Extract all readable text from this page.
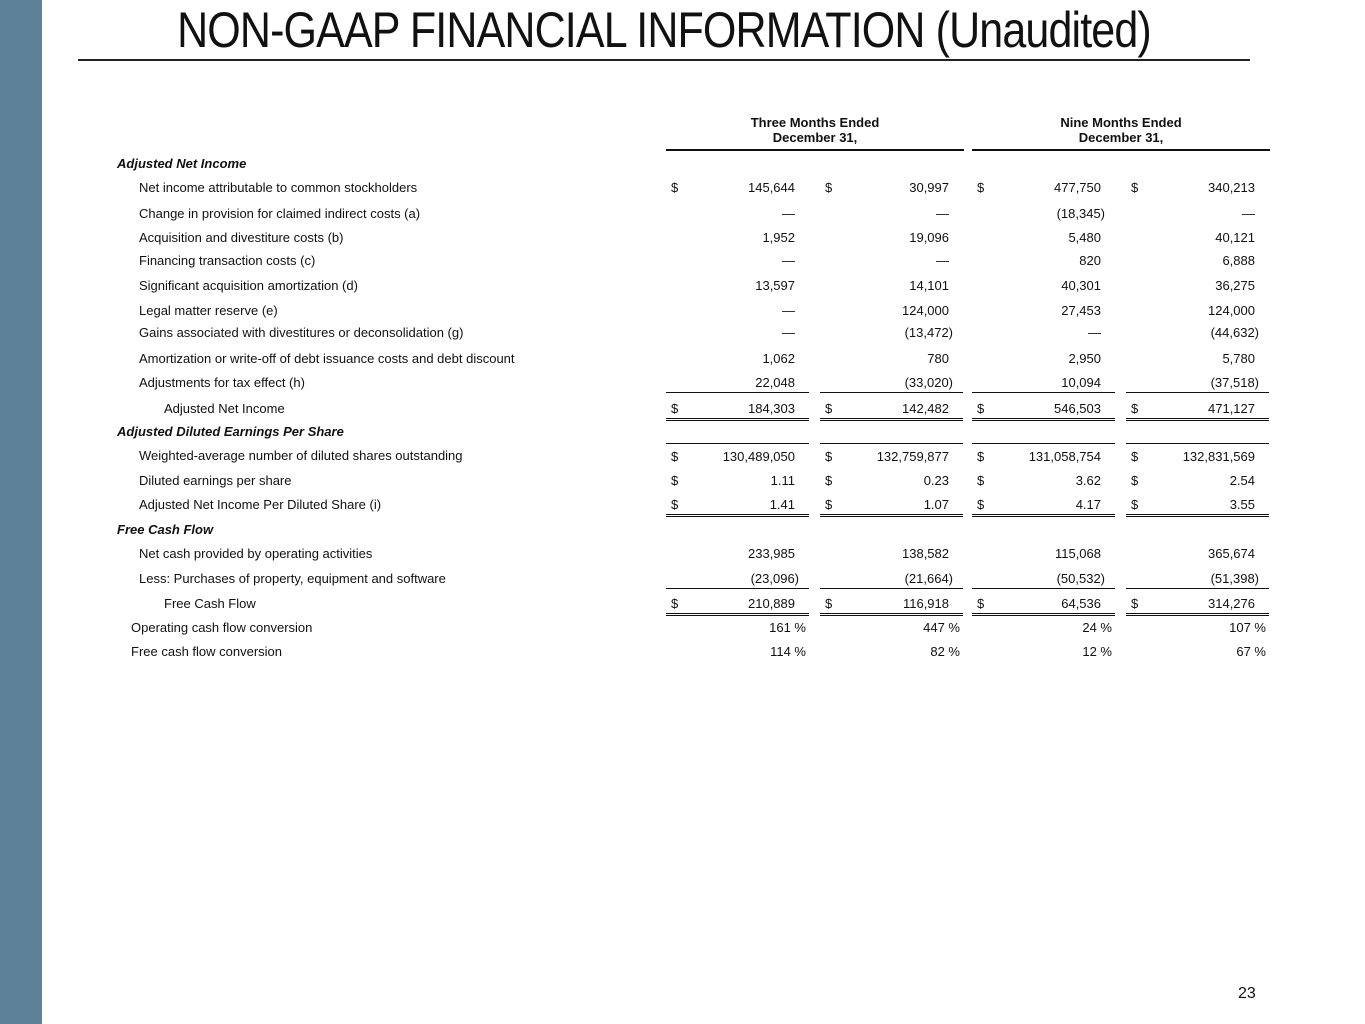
NON-GAAP FINANCIAL INFORMATION (Unaudited)
Three Months Ended
December 31,
Nine Months Ended
December 31,
Adjusted Net Income
Adjusted Diluted Earnings Per Share
Free Cash Flow
Net income attributable to common stockholders	$	145,644 $	30,997 $	477,750 $	340,213
Change in provision for claimed indirect costs (a)	—	—	(18,345)	—
Acquisition and divestiture costs (b)	1,952	19,096	5,480	40,121
Financing transaction costs (c)	—	—	820	6,888
Significant acquisition amortization (d)	13,597	14,101	40,301	36,275
Legal matter reserve (e)	—	124,000	27,453	124,000
Gains associated with divestitures or deconsolidation (g)	—	(13,472)	—	(44,632)
Amortization or write-off of debt issuance costs and debt discount	1,062	780	2,950	5,780
Adjustments for tax effect (h)	22,048	(33,020)	10,094	(37,518)
Adjusted Net Income	$	184,303 $	142,482 $	546,503 $	471,127
Weighted-average number of diluted shares outstanding	$	130,489,050 $	132,759,877 $	131,058,754 $	132,831,569
Diluted earnings per share	$	1.11 $	0.23 $	3.62 $	2.54
Adjusted Net Income Per Diluted Share (i)	$	1.41 $	1.07 $	4.17 $	3.55
Net cash provided by operating activities	233,985	138,582	115,068	365,674
Less: Purchases of property, equipment and software	(23,096)	(21,664)	(50,532)	(51,398)
Free Cash Flow	$	210,889 $	116,918 $	64,536 $	314,276
Operating cash flow conversion	161 %	447 %	24 %	107 %
Free cash flow conversion	114 %	82 %	12 %	67 %
23
